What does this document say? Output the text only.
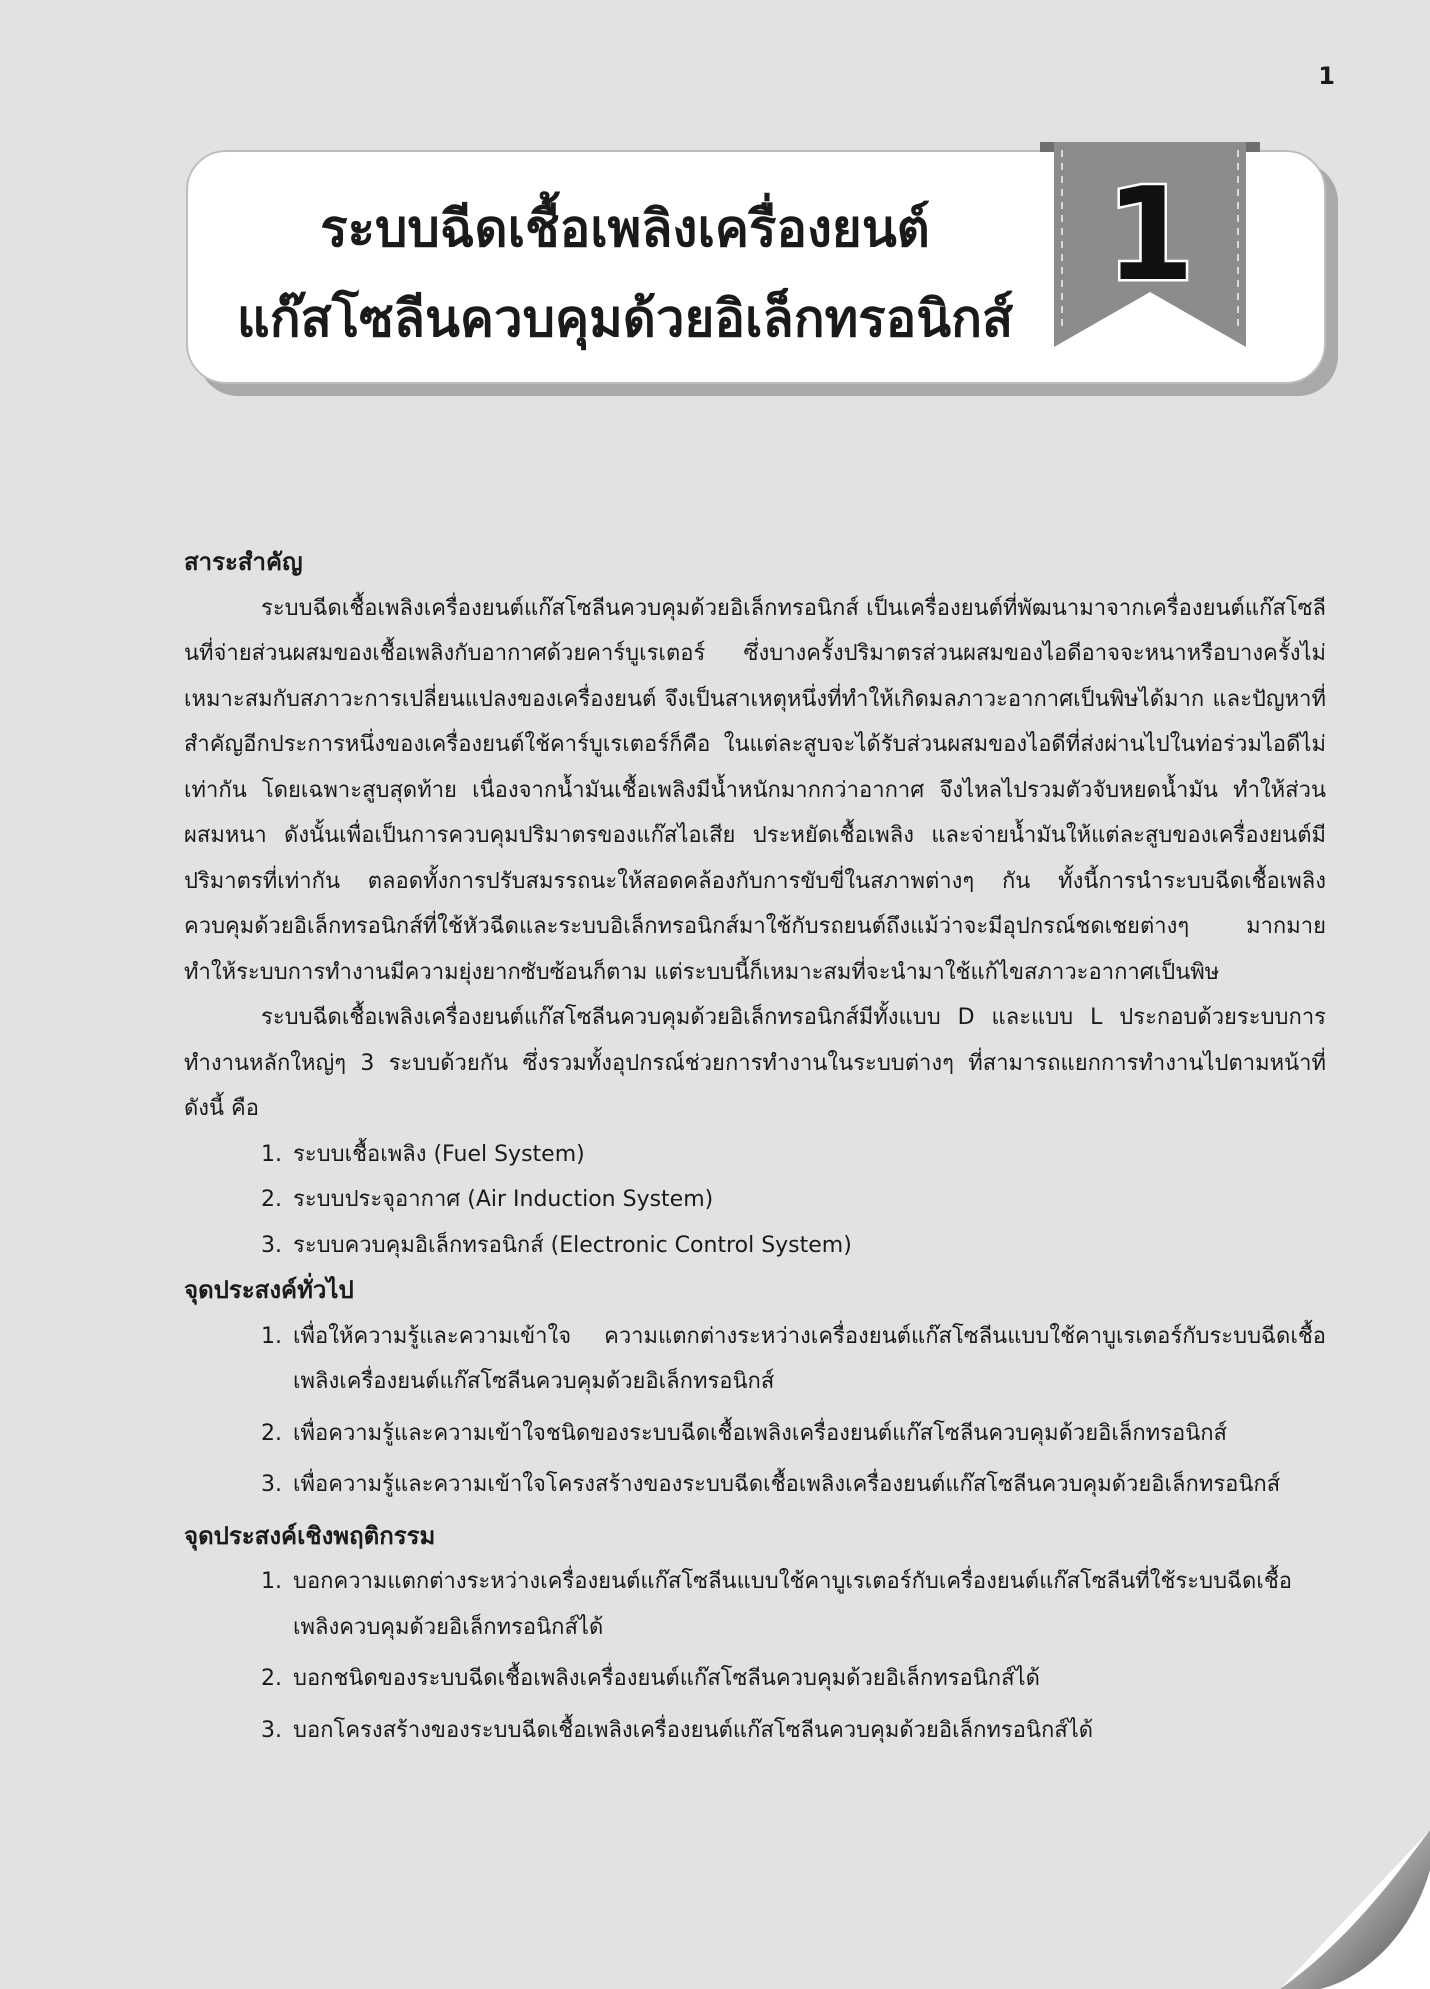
1
ระบบฉีดเชื้อเพลิงเครื่องยนต์
แก๊สโซลีนควบคุมด้วยอิเล็กทรอนิกส์
1

สาระสำคัญ

ระบบฉีดเชื้อเพลิงเครื่องยนต์แก๊สโซลีนควบคุมด้วยอิเล็กทรอนิกส์ เป็นเครื่องยนต์ที่พัฒนามาจากเครื่องยนต์แก๊สโซลีนที่จ่ายส่วนผสมของเชื้อเพลิงกับอากาศด้วยคาร์บูเรเตอร์ ซึ่งบางครั้งปริมาตรส่วนผสมของไอดีอาจจะหนาหรือบางครั้งไม่เหมาะสมกับสภาวะการเปลี่ยนแปลงของเครื่องยนต์ จึงเป็นสาเหตุหนึ่งที่ทำให้เกิดมลภาวะอากาศเป็นพิษได้มาก และปัญหาที่สำคัญอีกประการหนึ่งของเครื่องยนต์ใช้คาร์บูเรเตอร์ก็คือ ในแต่ละสูบจะได้รับส่วนผสมของไอดีที่ส่งผ่านไปในท่อร่วมไอดีไม่เท่ากัน โดยเฉพาะสูบสุดท้าย เนื่องจากน้ำมันเชื้อเพลิงมีน้ำหนักมากกว่าอากาศ จึงไหลไปรวมตัวจับหยดน้ำมัน ทำให้ส่วนผสมหนา ดังนั้นเพื่อเป็นการควบคุมปริมาตรของแก๊สไอเสีย ประหยัดเชื้อเพลิง และจ่ายน้ำมันให้แต่ละสูบของเครื่องยนต์มีปริมาตรที่เท่ากัน ตลอดทั้งการปรับสมรรถนะให้สอดคล้องกับการขับขี่ในสภาพต่างๆ กัน ทั้งนี้การนำระบบฉีดเชื้อเพลิงควบคุมด้วยอิเล็กทรอนิกส์ที่ใช้หัวฉีดและระบบอิเล็กทรอนิกส์มาใช้กับรถยนต์ถึงแม้ว่าจะมีอุปกรณ์ชดเชยต่างๆ มากมาย ทำให้ระบบการทำงานมีความยุ่งยากซับซ้อนก็ตาม แต่ระบบนี้ก็เหมาะสมที่จะนำมาใช้แก้ไขสภาวะอากาศเป็นพิษ

ระบบฉีดเชื้อเพลิงเครื่องยนต์แก๊สโซลีนควบคุมด้วยอิเล็กทรอนิกส์มีทั้งแบบ D และแบบ L ประกอบด้วยระบบการทำงานหลักใหญ่ๆ 3 ระบบด้วยกัน ซึ่งรวมทั้งอุปกรณ์ช่วยการทำงานในระบบต่างๆ ที่สามารถแยกการทำงานไปตามหน้าที่ดังนี้ คือ

1. ระบบเชื้อเพลิง (Fuel System)
2. ระบบประจุอากาศ (Air Induction System)
3. ระบบควบคุมอิเล็กทรอนิกส์ (Electronic Control System)

จุดประสงค์ทั่วไป

1. เพื่อให้ความรู้และความเข้าใจ ความแตกต่างระหว่างเครื่องยนต์แก๊สโซลีนแบบใช้คาบูเรเตอร์กับระบบฉีดเชื้อเพลิงเครื่องยนต์แก๊สโซลีนควบคุมด้วยอิเล็กทรอนิกส์
2. เพื่อความรู้และความเข้าใจชนิดของระบบฉีดเชื้อเพลิงเครื่องยนต์แก๊สโซลีนควบคุมด้วยอิเล็กทรอนิกส์
3. เพื่อความรู้และความเข้าใจโครงสร้างของระบบฉีดเชื้อเพลิงเครื่องยนต์แก๊สโซลีนควบคุมด้วยอิเล็กทรอนิกส์

จุดประสงค์เชิงพฤติกรรม

1. บอกความแตกต่างระหว่างเครื่องยนต์แก๊สโซลีนแบบใช้คาบูเรเตอร์กับเครื่องยนต์แก๊สโซลีนที่ใช้ระบบฉีดเชื้อเพลิงควบคุมด้วยอิเล็กทรอนิกส์ได้
2. บอกชนิดของระบบฉีดเชื้อเพลิงเครื่องยนต์แก๊สโซลีนควบคุมด้วยอิเล็กทรอนิกส์ได้
3. บอกโครงสร้างของระบบฉีดเชื้อเพลิงเครื่องยนต์แก๊สโซลีนควบคุมด้วยอิเล็กทรอนิกส์ได้
